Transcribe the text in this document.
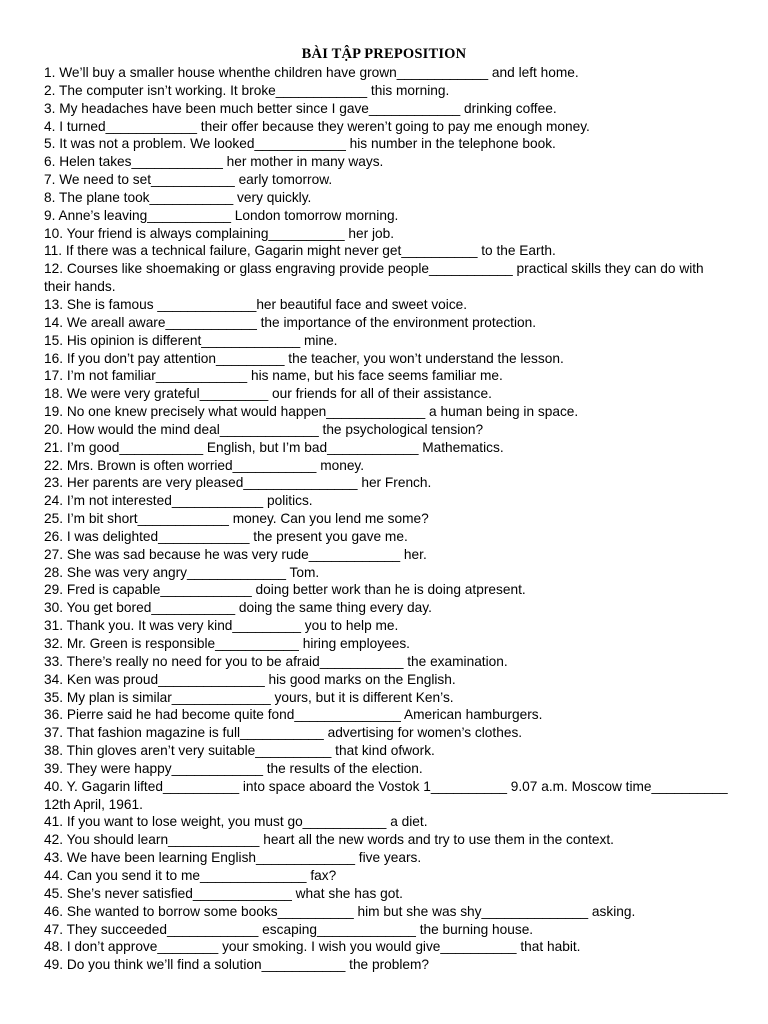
BÀI TẬP PREPOSITION
1. We’ll buy a smaller house whenthe children have grown____________ and left home.
2. The computer isn’t working. It broke____________ this morning.
3. My headaches have been much better since I gave____________ drinking coffee.
4. I turned____________ their offer because they weren’t going to pay me enough money.
5. It was not a problem. We looked____________ his number in the telephone book.
6. Helen takes____________ her mother in many ways.
7. We need to set___________ early tomorrow.
8. The plane took___________ very quickly.
9. Anne’s leaving___________ London tomorrow morning.
10. Your friend is always complaining__________ her job.
11. If there was a technical failure, Gagarin might never get__________ to the Earth.
12. Courses like shoemaking or glass engraving provide people___________ practical skills they can do with their hands.
13. She is famous _____________her beautiful face and sweet voice.
14. We areall aware____________ the importance of the environment protection.
15. His opinion is different_____________ mine.
16. If you don’t pay attention_________ the teacher, you won’t understand the lesson.
17. I’m not familiar____________ his name, but his face seems familiar me.
18. We were very grateful_________ our friends for all of their assistance.
19. No one knew precisely what would happen_____________ a human being in space.
20. How would the mind deal_____________ the psychological tension?
21. I’m good___________ English, but I’m bad____________ Mathematics.
22. Mrs. Brown is often worried___________ money.
23. Her parents are very pleased_______________ her French.
24. I’m not interested____________ politics.
25. I’m bit short____________ money. Can you lend me some?
26. I was delighted____________ the present you gave me.
27. She was sad because he was very rude____________ her.
28. She was very angry_____________ Tom.
29. Fred is capable____________ doing better work than he is doing atpresent.
30. You get bored___________ doing the same thing every day.
31. Thank you. It was very kind_________ you to help me.
32. Mr. Green is responsible___________ hiring employees.
33. There’s really no need for you to be afraid___________ the examination.
34. Ken was proud______________ his good marks on the English.
35. My plan is similar_____________ yours, but it is different Ken’s.
36. Pierre said he had become quite fond______________ American hamburgers.
37. That fashion magazine is full___________ advertising for women’s clothes.
38. Thin gloves aren’t very suitable__________ that kind ofwork.
39. They were happy____________ the results of the election.
40. Y. Gagarin lifted__________ into space aboard the Vostok 1__________ 9.07 a.m. Moscow time__________ 12th April, 1961.
41. If you want to lose weight, you must go___________ a diet.
42. You should learn____________ heart all the new words and try to use them in the context.
43. We have been learning English_____________ five years.
44. Can you send it to me______________ fax?
45. She’s never satisfied_____________ what she has got.
46. She wanted to borrow some books__________ him but she was shy______________ asking.
47. They succeeded____________ escaping_____________ the burning house.
48. I don’t approve________ your smoking. I wish you would give__________ that habit.
49. Do you think we’ll find a solution___________ the problem?
